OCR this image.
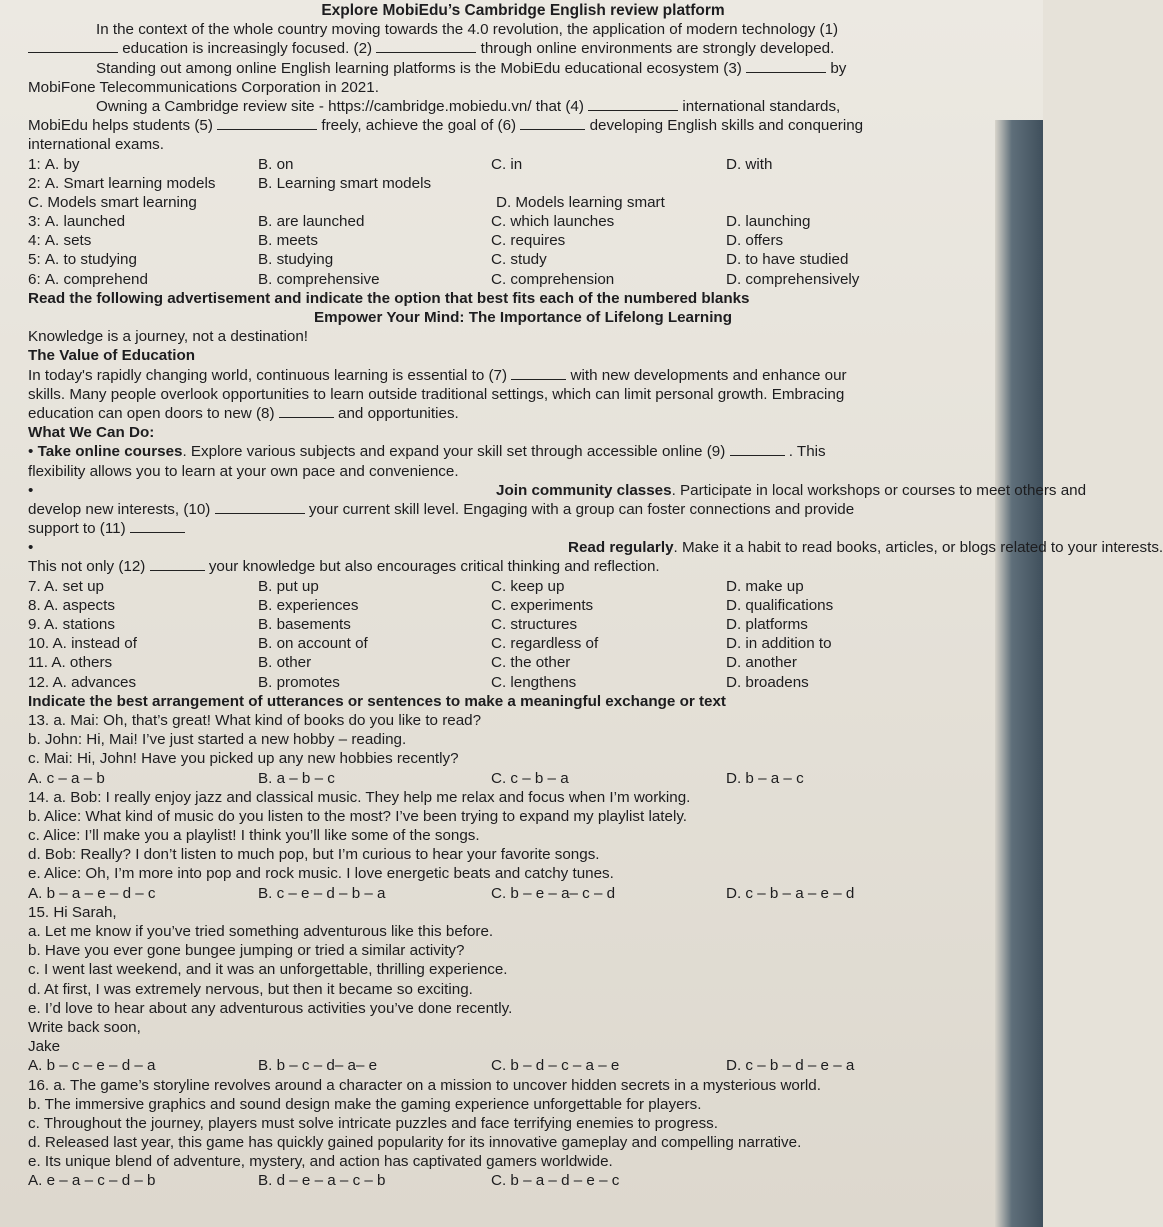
Explore MobiEdu’s Cambridge English review platform
In the context of the whole country moving towards the 4.0 revolution, the application of modern technology (1)
education is increasingly focused. (2)	through online environments are strongly developed.
Standing out among online English learning platforms is the MobiEdu educational ecosystem (3)	by
MobiFone Telecommunications Corporation in 2021.
Owning a Cambridge review site - https://cambridge.mobiedu.vn/ that (4)	international standards,
MobiEdu helps students (5)	freely, achieve the goal of (6)	developing English skills and conquering
international exams.
1: A. by	B. on	C. in	D. with
2: A. Smart learning models	B. Learning smart models
C. Models smart learning	D. Models learning smart
3: A. launched	B. are launched	C. which launches	D. launching
4: A. sets	B. meets	C. requires	D. offers
5: A. to studying	B. studying	C. study	D. to have studied
6: A. comprehend	B. comprehensive	C. comprehension	D. comprehensively
Read the following advertisement and indicate the option that best fits each of the numbered blanks
Empower Your Mind: The Importance of Lifelong Learning
Knowledge is a journey, not a destination!
The Value of Education
In today's rapidly changing world, continuous learning is essential to (7)	with new developments and enhance our
skills. Many people overlook opportunities to learn outside traditional settings, which can limit personal growth. Embracing
education can open doors to new (8)	and opportunities.
What We Can Do:
• Take online courses. Explore various subjects and expand your skill set through accessible online (9)	. This
flexibility allows you to learn at your own pace and convenience.
•	Join community classes. Participate in local workshops or courses to meet others and
develop new interests, (10)	your current skill level. Engaging with a group can foster connections and provide
support to (11)
•	Read regularly. Make it a habit to read books, articles, or blogs related to your interests.
This not only (12)	your knowledge but also encourages critical thinking and reflection.
7. A. set up	B. put up	C. keep up	D. make up
8. A. aspects	B. experiences	C. experiments	D. qualifications
9. A. stations	B. basements	C. structures	D. platforms
10. A. instead of	B. on account of	C. regardless of	D. in addition to
11. A. others	B. other	C. the other	D. another
12. A. advances	B. promotes	C. lengthens	D. broadens
Indicate the best arrangement of utterances or sentences to make a meaningful exchange or text
13. a. Mai: Oh, that’s great! What kind of books do you like to read?
b. John: Hi, Mai! I’ve just started a new hobby – reading.
c. Mai: Hi, John! Have you picked up any new hobbies recently?
A. c – a – b	B. a – b – c	C. c – b – a	D. b – a – c
14. a. Bob: I really enjoy jazz and classical music. They help me relax and focus when I’m working.
b. Alice: What kind of music do you listen to the most? I’ve been trying to expand my playlist lately.
c. Alice: I’ll make you a playlist! I think you’ll like some of the songs.
d. Bob: Really? I don’t listen to much pop, but I’m curious to hear your favorite songs.
e. Alice: Oh, I’m more into pop and rock music. I love energetic beats and catchy tunes.
A. b – a – e – d – c	B. c – e – d – b – a	C. b – e – a– c – d	D. c – b – a – e – d
15. Hi Sarah,
a. Let me know if you’ve tried something adventurous like this before.
b. Have you ever gone bungee jumping or tried a similar activity?
c. I went last weekend, and it was an unforgettable, thrilling experience.
d. At first, I was extremely nervous, but then it became so exciting.
e. I’d love to hear about any adventurous activities you’ve done recently.
Write back soon,
Jake
A. b – c – e – d – a	B. b – c – d– a– e	C. b – d – c – a – e	D. c – b – d – e – a
16. a. The game’s storyline revolves around a character on a mission to uncover hidden secrets in a mysterious world.
b. The immersive graphics and sound design make the gaming experience unforgettable for players.
c. Throughout the journey, players must solve intricate puzzles and face terrifying enemies to progress.
d. Released last year, this game has quickly gained popularity for its innovative gameplay and compelling narrative.
e. Its unique blend of adventure, mystery, and action has captivated gamers worldwide.
A. e – a – c – d – b	B. d – e – a – c – b	C. b – a – d – e – c
